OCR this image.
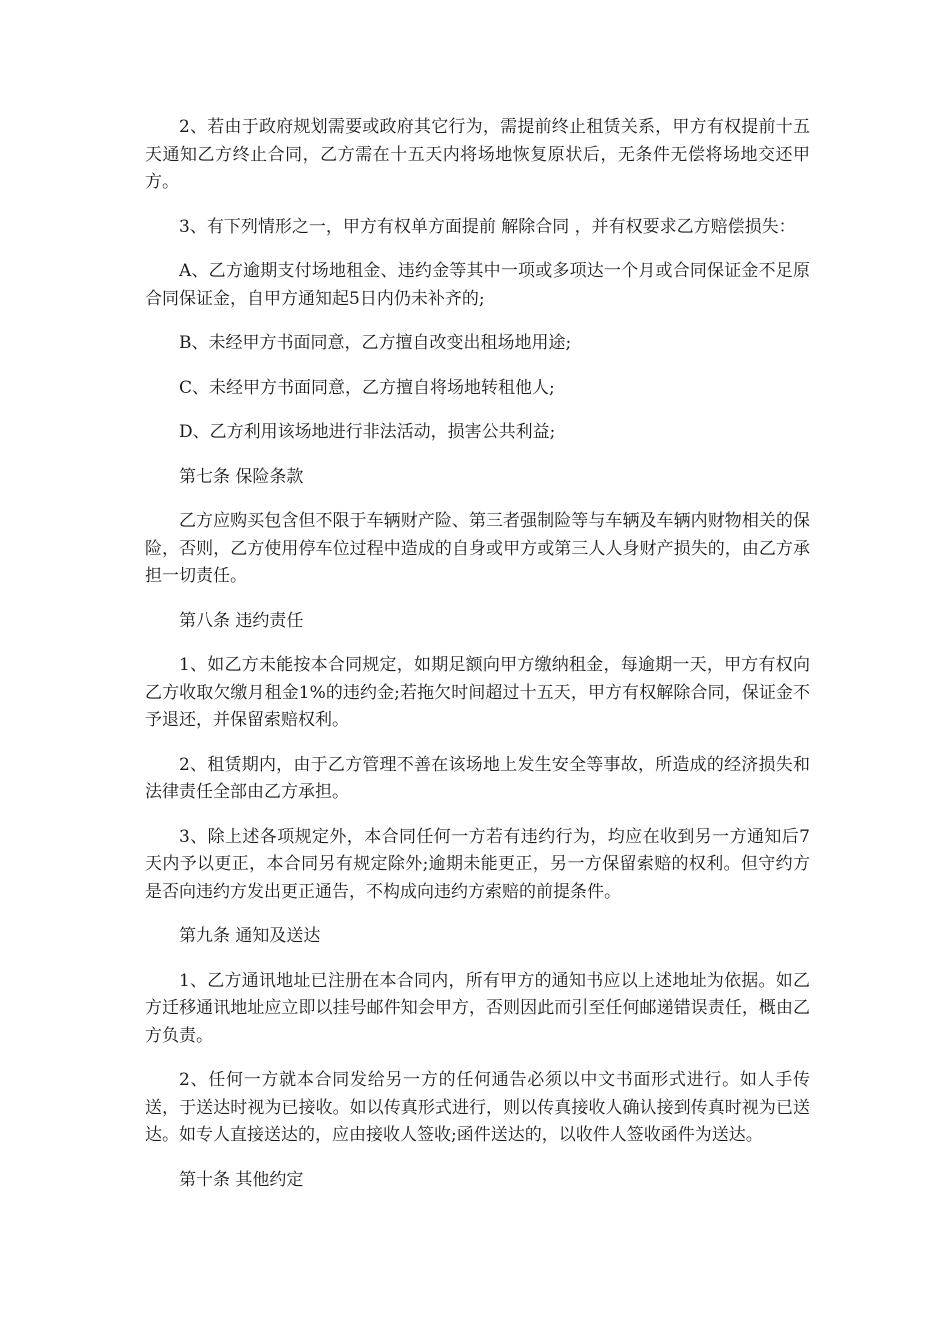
2、若由于政府规划需要或政府其它行为，需提前终止租赁关系，甲方有权提前十五天通知乙方终止合同，乙方需在十五天内将场地恢复原状后，无条件无偿将场地交还甲方。

3、有下列情形之一，甲方有权单方面提前 解除合同 ，并有权要求乙方赔偿损失：

A、乙方逾期支付场地租金、违约金等其中一项或多项达一个月或合同保证金不足原合同保证金，自甲方通知起5日内仍未补齐的;

B、未经甲方书面同意，乙方擅自改变出租场地用途;

C、未经甲方书面同意，乙方擅自将场地转租他人;

D、乙方利用该场地进行非法活动，损害公共利益;

第七条 保险条款

乙方应购买包含但不限于车辆财产险、第三者强制险等与车辆及车辆内财物相关的保险，否则，乙方使用停车位过程中造成的自身或甲方或第三人人身财产损失的，由乙方承担一切责任。

第八条 违约责任

1、如乙方未能按本合同规定，如期足额向甲方缴纳租金，每逾期一天，甲方有权向乙方收取欠缴月租金1%的违约金;若拖欠时间超过十五天，甲方有权解除合同，保证金不予退还，并保留索赔权利。

2、租赁期内，由于乙方管理不善在该场地上发生安全等事故，所造成的经济损失和法律责任全部由乙方承担。

3、除上述各项规定外，本合同任何一方若有违约行为，均应在收到另一方通知后7天内予以更正，本合同另有规定除外;逾期未能更正，另一方保留索赔的权利。但守约方是否向违约方发出更正通告，不构成向违约方索赔的前提条件。

第九条 通知及送达

1、乙方通讯地址已注册在本合同内，所有甲方的通知书应以上述地址为依据。如乙方迁移通讯地址应立即以挂号邮件知会甲方，否则因此而引至任何邮递错误责任，概由乙方负责。

2、任何一方就本合同发给另一方的任何通告必须以中文书面形式进行。如人手传送，于送达时视为已接收。如以传真形式进行，则以传真接收人确认接到传真时视为已送达。如专人直接送达的，应由接收人签收;函件送达的，以收件人签收函件为送达。

第十条 其他约定
